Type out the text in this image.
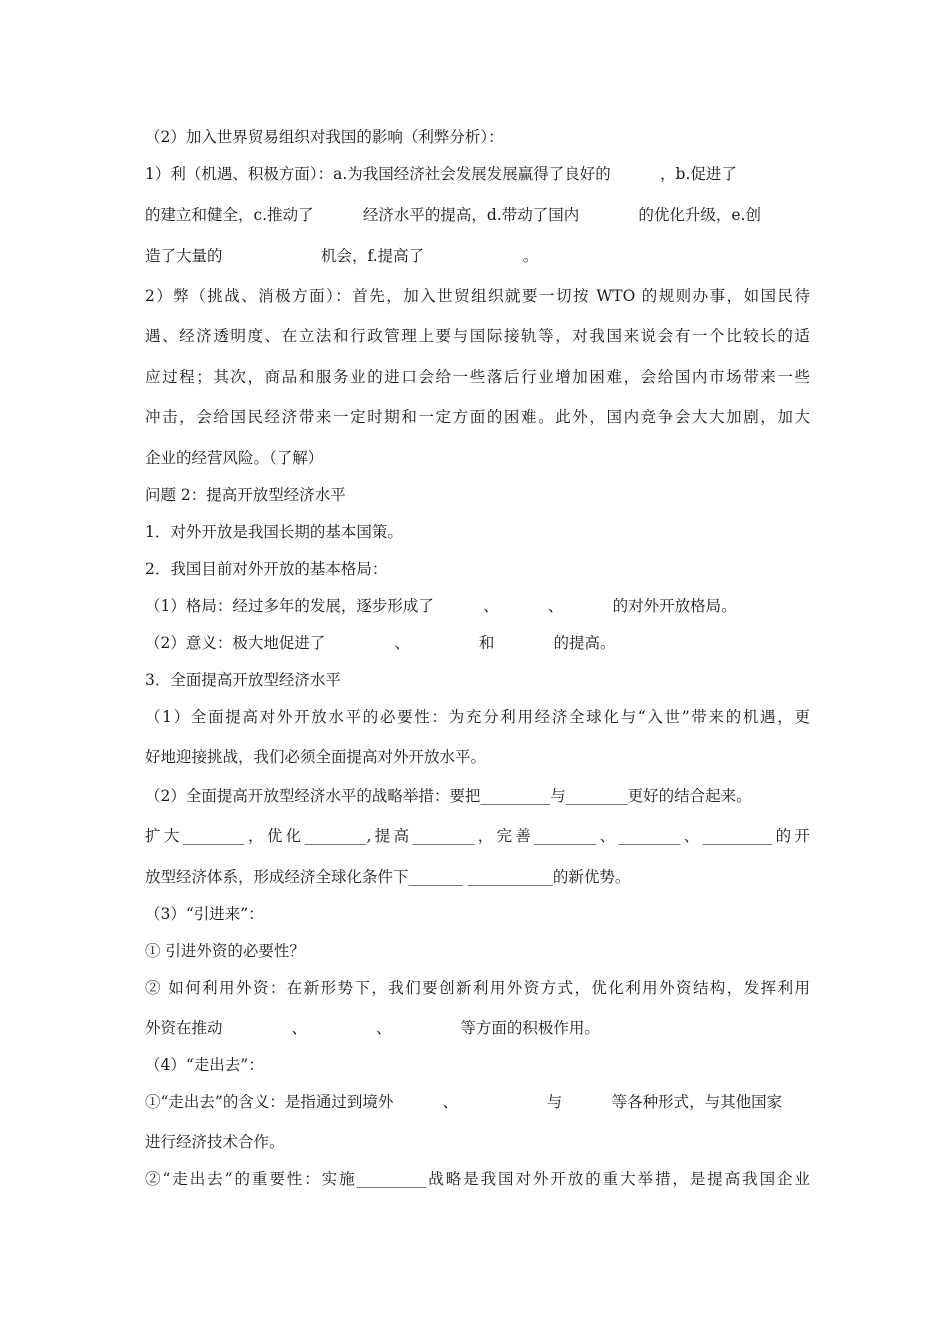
（2）加入世界贸易组织对我国的影响（利弊分析）：
1）利（机遇、积极方面）：a.为我国经济社会发展发展赢得了良好的          ，b.促进了
的建立和健全，c.推动了          经济水平的提高，d.带动了国内            的优化升级，e.创
造了大量的                    机会，f.提高了                    。
2）弊（挑战、消极方面）：首先，加入世贸组织就要一切按 WTO 的规则办事，如国民待
遇、经济透明度、在立法和行政管理上要与国际接轨等，对我国来说会有一个比较长的适
应过程；其次，商品和服务业的进口会给一些落后行业增加困难，会给国内市场带来一些
冲击，会给国民经济带来一定时期和一定方面的困难。此外，国内竞争会大大加剧，加大
企业的经营风险。（了解）
问题 2：提高开放型经济水平
1．对外开放是我国长期的基本国策。
2．我国目前对外开放的基本格局：
（1）格局：经过多年的发展，逐步形成了          、          、          的对外开放格局。
（2）意义：极大地促进了              、              和            的提高。
3．全面提高开放型经济水平
（1）全面提高对外开放水平的必要性：为充分利用经济全球化与“入世”带来的机遇，更
好地迎接挑战，我们必须全面提高对外开放水平。
（2）全面提高开放型经济水平的战略举措：要把_________与________更好的结合起来。
扩大________，优化________,提高________，完善________、________、_________的开
放型经济体系，形成经济全球化条件下_______ ___________的新优势。
（3）“引进来”：
① 引进外资的必要性？
② 如何利用外资：在新形势下，我们要创新利用外资方式，优化利用外资结构，发挥利用
外资在推动              、              、              等方面的积极作用。
（4）“走出去”：
①“走出去”的含义：是指通过到境外          、                  与          等各种形式，与其他国家
进行经济技术合作。
②“走出去”的重要性：实施_________战略是我国对外开放的重大举措，是提高我国企业
